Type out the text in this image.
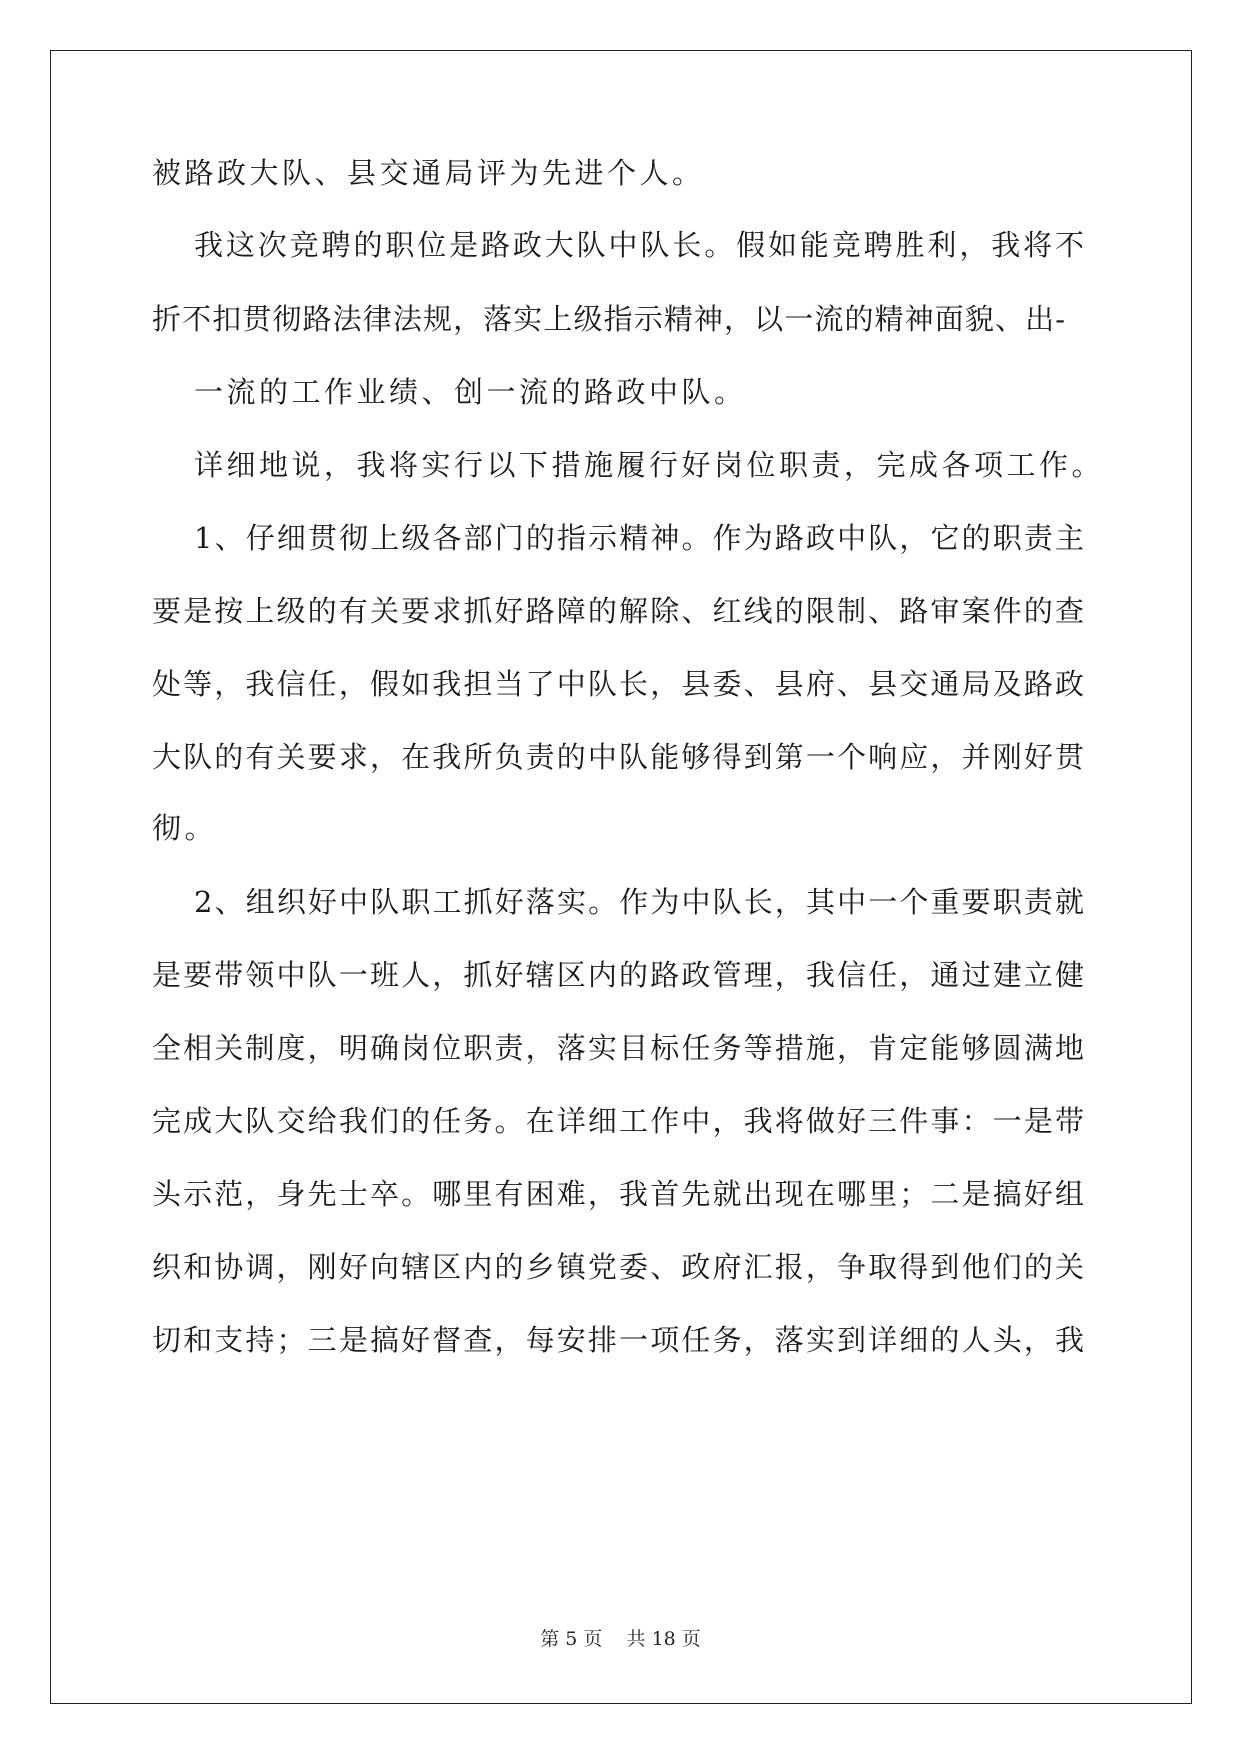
被路政大队、县交通局评为先进个人。
我这次竞聘的职位是路政大队中队长。假如能竞聘胜利，我将不
折不扣贯彻路法律法规，落实上级指示精神，以一流的精神面貌、出-
一流的工作业绩、创一流的路政中队。
详细地说，我将实行以下措施履行好岗位职责，完成各项工作。
1、仔细贯彻上级各部门的指示精神。作为路政中队，它的职责主
要是按上级的有关要求抓好路障的解除、红线的限制、路审案件的查
处等，我信任，假如我担当了中队长，县委、县府、县交通局及路政
大队的有关要求，在我所负责的中队能够得到第一个响应，并刚好贯
彻。
2、组织好中队职工抓好落实。作为中队长，其中一个重要职责就
是要带领中队一班人，抓好辖区内的路政管理，我信任，通过建立健
全相关制度，明确岗位职责，落实目标任务等措施，肯定能够圆满地
完成大队交给我们的任务。在详细工作中，我将做好三件事：一是带
头示范，身先士卒。哪里有困难，我首先就出现在哪里；二是搞好组
织和协调，刚好向辖区内的乡镇党委、政府汇报，争取得到他们的关
切和支持；三是搞好督查，每安排一项任务，落实到详细的人头，我
第 5 页 共 18 页
